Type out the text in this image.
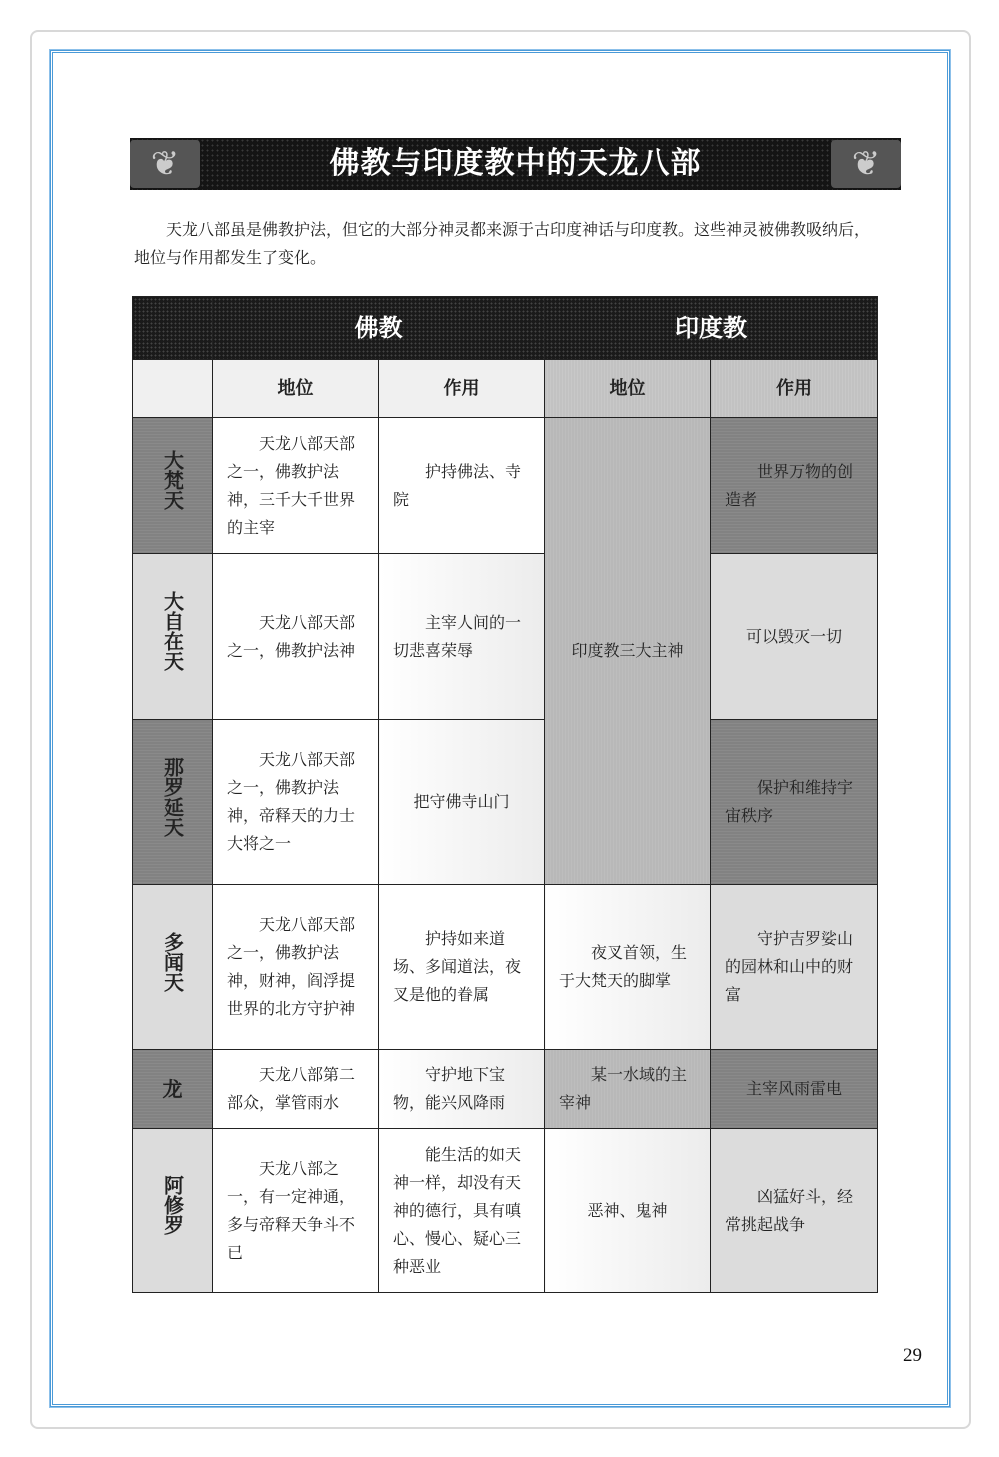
❦	佛教与印度教中的天龙八部	❦

天龙八部虽是佛教护法，但它的大部分神灵都来源于古印度神话与印度教。这些神灵被佛教吸纳后，地位与作用都发生了变化。

	佛教		印度教	
	地位	作用	地位	作用
大梵天	天龙八部天部之一，佛教护法神，三千大千世界的主宰	护持佛法、寺院	印度教三大主神	世界万物的创造者
大自在天	天龙八部天部之一，佛教护法神	主宰人间的一切悲喜荣辱		可以毁灭一切
那罗延天	天龙八部天部之一，佛教护法神，帝释天的力士大将之一	把守佛寺山门		保护和维持宇宙秩序
多闻天	天龙八部天部之一，佛教护法神，财神，阎浮提世界的北方守护神	护持如来道场、多闻道法，夜叉是他的眷属	夜叉首领，生于大梵天的脚掌	守护吉罗娑山的园林和山中的财富
龙	天龙八部第二部众，掌管雨水	守护地下宝物，能兴风降雨	某一水域的主宰神	主宰风雨雷电
阿修罗	天龙八部之一，有一定神通，多与帝释天争斗不已	能生活的如天神一样，却没有天神的德行，具有嗔心、慢心、疑心三种恶业	恶神、鬼神	凶猛好斗，经常挑起战争
29
